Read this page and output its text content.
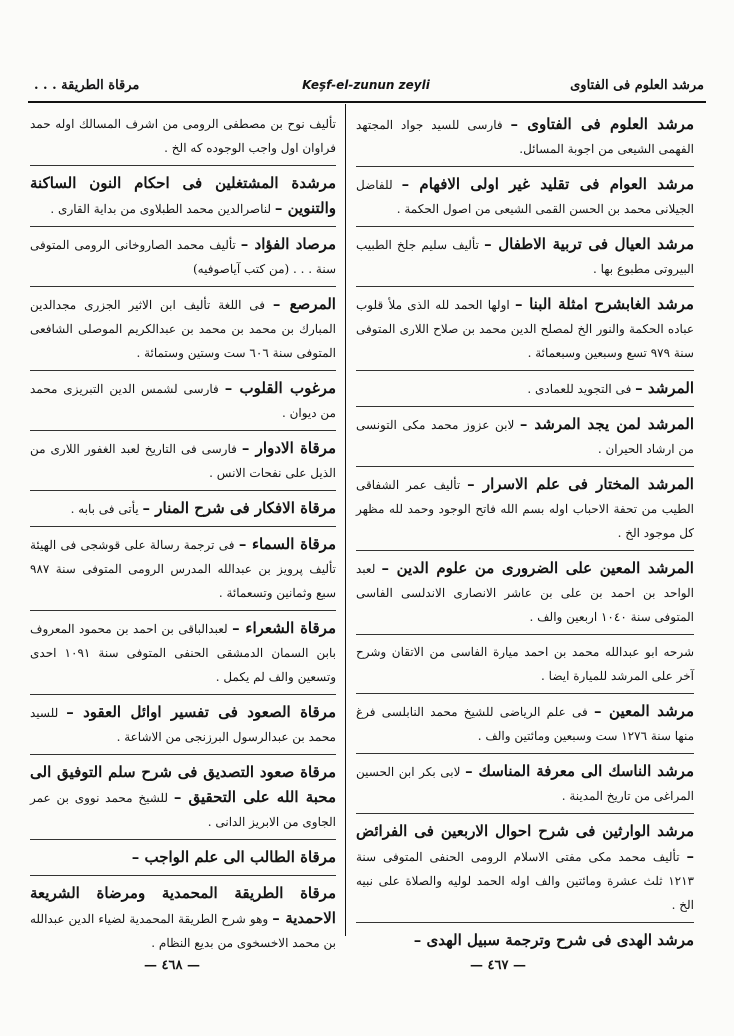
مرقاة الطريقة . . .	Keşf-el-zunun zeyli	مرشد العلوم فى الفتاوى

مرشد العلوم فى الفتاوى – فارسى للسيد جواد المجتهد الفهمى الشيعى من اجوبة المسائل.

مرشد العوام فى تقليد غير اولى الافهام – للفاضل الجيلانى محمد بن الحسن القمى الشيعى من اصول الحكمة .

مرشد العيال فى تربية الاطفال – تأليف سليم جلخ الطبيب البيروتى مطبوع بها .

مرشد الغابشرح امثلة البنا – اولها الحمد لله الذى ملأ قلوب عباده الحكمة والنور الخ لمصلح الدين محمد بن صلاح اللارى المتوفى سنة ٩٧٩ تسع وسبعين وسبعمائة .

المرشد – فى التجويد للعمادى .

المرشد لمن يجد المرشد – لابن عزوز محمد مكى التونسى من ارشاد الحيران .

المرشد المختار فى علم الاسرار – تأليف عمر الشفاقى الطيب من تحفة الاحباب اوله بسم الله فاتح الوجود وحمد لله مظهر كل موجود الخ .

المرشد المعين على الضرورى من علوم الدين – لعبد الواحد بن احمد بن على بن عاشر الانصارى الاندلسى الفاسى المتوفى سنة ١٠٤٠ اربعين والف .

شرحه ابو عبدالله محمد بن احمد ميارة الفاسى من الاتقان وشرح آخر على المرشد للميارة ايضا .

مرشد المعين – فى علم الرياضى للشيخ محمد النابلسى فرغ منها سنة ١٢٧٦ ست وسبعين ومائتين والف .

مرشد الناسك الى معرفة المناسك – لابى بكر ابن الحسين المراغى من تاريخ المدينة .

مرشد الوارثين فى شرح احوال الاربعين فى الفرائض – تأليف محمد مكى مفتى الاسلام الرومى الحنفى المتوفى سنة ١٢١٣ ثلث عشرة ومائتين والف اوله الحمد لوليه والصلاة على نبيه الخ .

مرشد الهدى فى شرح وترجمة سبيل الهدى –

تأليف نوح بن مصطفى الرومى من اشرف المسالك اوله حمد فراوان اول واجب الوجوده كه الخ .

مرشدة المشتغلين فى احكام النون الساكنة والتنوين – لناصرالدين محمد الطبلاوى من بداية القارى .

مرصاد الفؤاد – تأليف محمد الصاروخانى الرومى المتوفى سنة . . . (من كتب آياصوفيه)

المرصع – فى اللغة تأليف ابن الاثير الجزرى مجدالدين المبارك بن محمد بن محمد بن عبدالكريم الموصلى الشافعى المتوفى سنة ٦٠٦ ست وستين وستمائة .

مرغوب القلوب – فارسى لشمس الدين التبريزى محمد من ديوان .

مرقاة الادوار – فارسى فى التاريخ لعبد الغفور اللارى من الذيل على نفحات الانس .

مرقاة الافكار فى شرح المنار – يأتى فى بابه .

مرقاة السماء – فى ترجمة رسالة على قوشجى فى الهيئة تأليف پرويز بن عبدالله المدرس الرومى المتوفى سنة ٩٨٧ سبع وثمانين وتسعمائة .

مرقاة الشعراء – لعبدالباقى بن احمد بن محمود المعروف بابن السمان الدمشقى الحنفى المتوفى سنة ١٠٩١ احدى وتسعين والف لم يكمل .

مرقاة الصعود فى تفسير اوائل العقود – للسيد محمد بن عبدالرسول البرزنجى من الاشاعة .

مرقاة صعود التصديق فى شرح سلم التوفيق الى محبة الله على التحقيق – للشيخ محمد نووى بن عمر الجاوى من الابريز الدانى .

مرقاة الطالب الى علم الواجب –

مرقاة الطريقة المحمدية ومرضاة الشريعة الاحمدية – وهو شرح الطريقة المحمدية لضياء الدين عبدالله بن محمد الاخسخوى من بديع النظام .

— ٤٦٨ —	— ٤٦٧ —
